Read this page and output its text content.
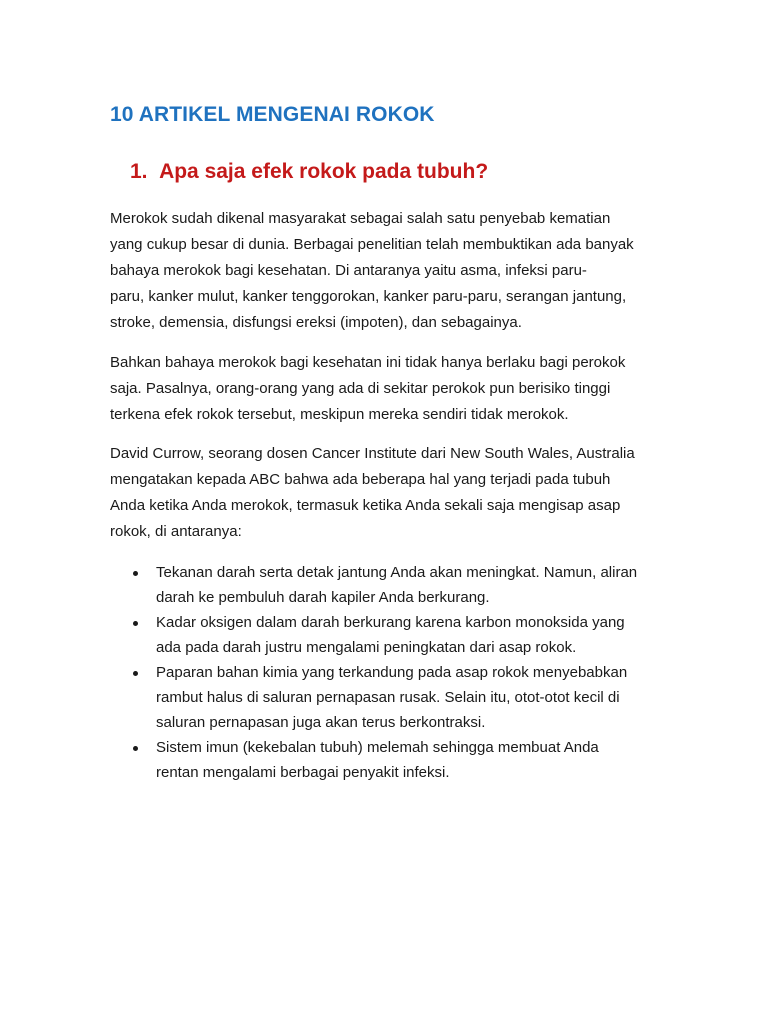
10 ARTIKEL MENGENAI ROKOK
1. Apa saja efek rokok pada tubuh?

Merokok sudah dikenal masyarakat sebagai salah satu penyebab kematian
yang cukup besar di dunia. Berbagai penelitian telah membuktikan ada banyak
bahaya merokok bagi kesehatan. Di antaranya yaitu asma, infeksi paru-
paru, kanker mulut, kanker tenggorokan, kanker paru-paru, serangan jantung,
stroke, demensia, disfungsi ereksi (impoten), dan sebagainya.

Bahkan bahaya merokok bagi kesehatan ini tidak hanya berlaku bagi perokok
saja. Pasalnya, orang-orang yang ada di sekitar perokok pun berisiko tinggi
terkena efek rokok tersebut, meskipun mereka sendiri tidak merokok.

David Currow, seorang dosen Cancer Institute dari New South Wales, Australia
mengatakan kepada ABC bahwa ada beberapa hal yang terjadi pada tubuh
Anda ketika Anda merokok, termasuk ketika Anda sekali saja mengisap asap
rokok, di antaranya:

Tekanan darah serta detak jantung Anda akan meningkat. Namun, aliran
darah ke pembuluh darah kapiler Anda berkurang.
Kadar oksigen dalam darah berkurang karena karbon monoksida yang
ada pada darah justru mengalami peningkatan dari asap rokok.
Paparan bahan kimia yang terkandung pada asap rokok menyebabkan
rambut halus di saluran pernapasan rusak. Selain itu, otot-otot kecil di
saluran pernapasan juga akan terus berkontraksi.
Sistem imun (kekebalan tubuh) melemah sehingga membuat Anda
rentan mengalami berbagai penyakit infeksi.
